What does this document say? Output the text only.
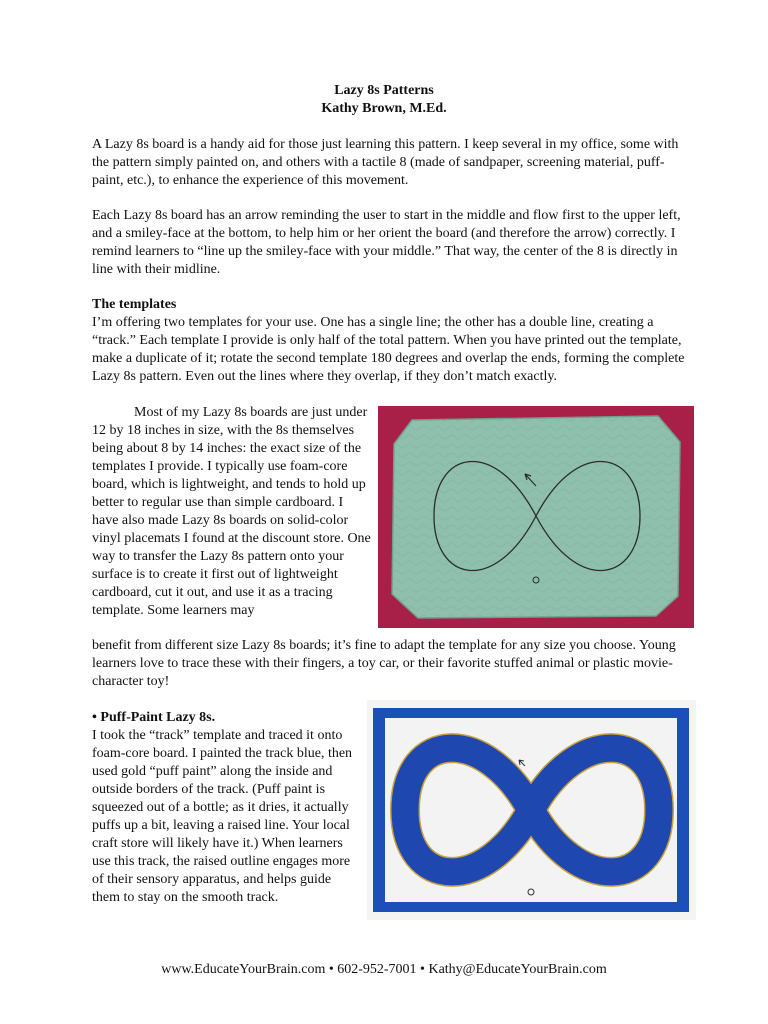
Lazy 8s Patterns

Kathy Brown, M.Ed.

A Lazy 8s board is a handy aid for those just learning this pattern. I keep several in my office, some with the pattern simply painted on, and others with a tactile 8 (made of sandpaper, screening material, puff-paint, etc.), to enhance the experience of this movement.

Each Lazy 8s board has an arrow reminding the user to start in the middle and flow first to the upper left, and a smiley-face at the bottom, to help him or her orient the board (and therefore the arrow) correctly. I remind learners to “line up the smiley-face with your middle.” That way, the center of the 8 is directly in line with their midline.

The templates

I’m offering two templates for your use. One has a single line; the other has a double line, creating a “track.” Each template I provide is only half of the total pattern. When you have printed out the template, make a duplicate of it; rotate the second template 180 degrees and overlap the ends, forming the complete Lazy 8s pattern. Even out the lines where they overlap, if they don’t match exactly.

Most of my Lazy 8s boards are just under 12 by 18 inches in size, with the 8s themselves being about 8 by 14 inches: the exact size of the templates I provide. I typically use foam-core board, which is lightweight, and tends to hold up better to regular use than simple cardboard. I have also made Lazy 8s boards on solid-color vinyl placemats I found at the discount store. One way to transfer the Lazy 8s pattern onto your surface is to create it first out of lightweight cardboard, cut it out, and use it as a tracing template. Some learners may

benefit from different size Lazy 8s boards; it’s fine to adapt the template for any size you choose. Young learners love to trace these with their fingers, a toy car, or their favorite stuffed animal or plastic movie-character toy!

• Puff-Paint Lazy 8s.

I took the “track” template and traced it onto foam-core board. I painted the track blue, then used gold “puff paint” along the inside and outside borders of the track. (Puff paint is squeezed out of a bottle; as it dries, it actually puffs up a bit, leaving a raised line. Your local craft store will likely have it.) When learners use this track, the raised outline engages more of their sensory apparatus, and helps guide them to stay on the smooth track.

www.EducateYourBrain.com • 602-952-7001 • Kathy@EducateYourBrain.com
